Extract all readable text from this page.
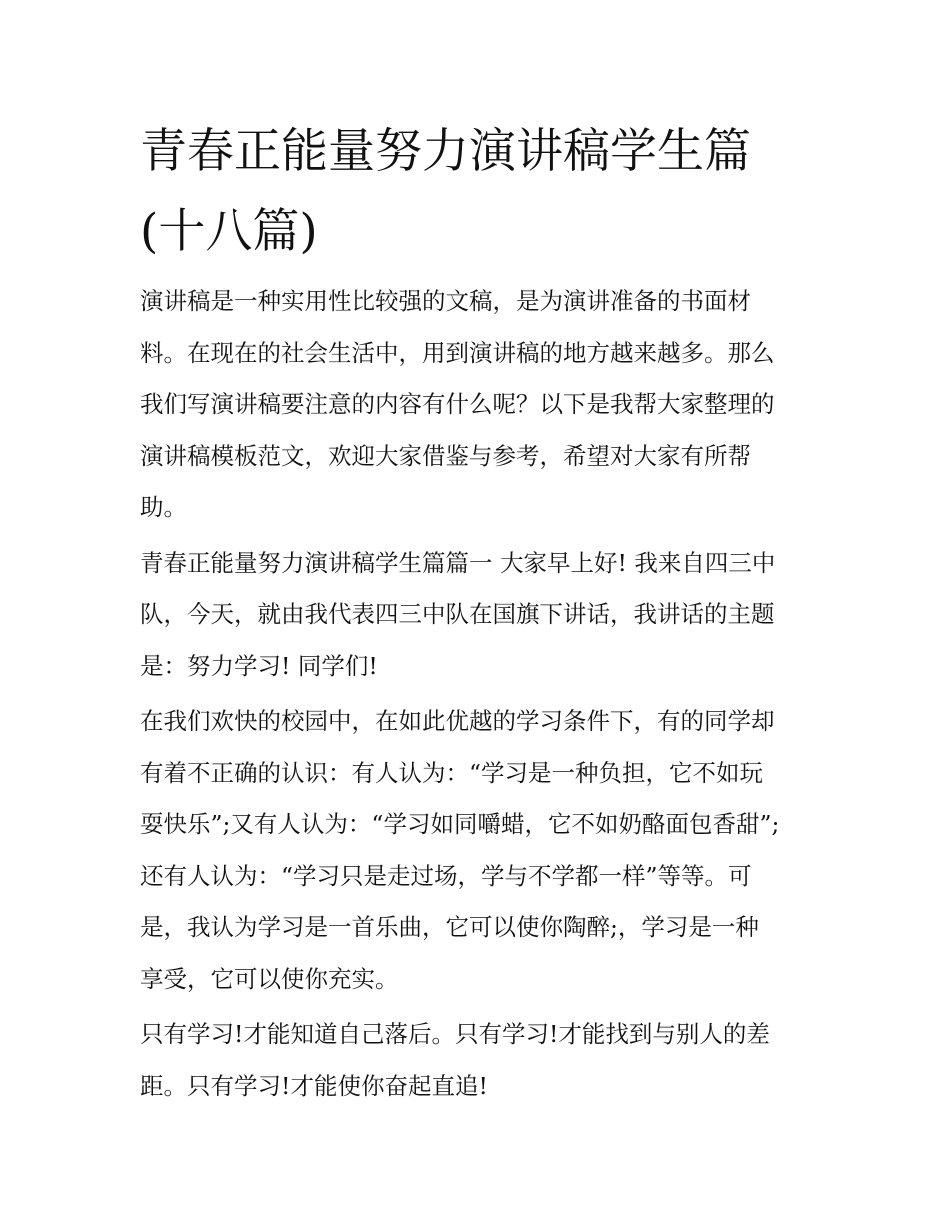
青春正能量努力演讲稿学生篇
(十八篇)

演讲稿是一种实用性比较强的文稿，是为演讲准备的书面材
料。在现在的社会生活中，用到演讲稿的地方越来越多。那么
我们写演讲稿要注意的内容有什么呢？以下是我帮大家整理的
演讲稿模板范文，欢迎大家借鉴与参考，希望对大家有所帮
助。

青春正能量努力演讲稿学生篇篇一 大家早上好! 我来自四三中
队，今天，就由我代表四三中队在国旗下讲话，我讲话的主题
是：努力学习! 同学们!

在我们欢快的校园中，在如此优越的学习条件下，有的同学却
有着不正确的认识：有人认为：“学习是一种负担，它不如玩
耍快乐”;又有人认为：“学习如同嚼蜡，它不如奶酪面包香甜”;
还有人认为：“学习只是走过场，学与不学都一样”等等。可
是，我认为学习是一首乐曲，它可以使你陶醉;，学习是一种
享受，它可以使你充实。

只有学习!才能知道自己落后。只有学习!才能找到与别人的差
距。只有学习!才能使你奋起直追!
